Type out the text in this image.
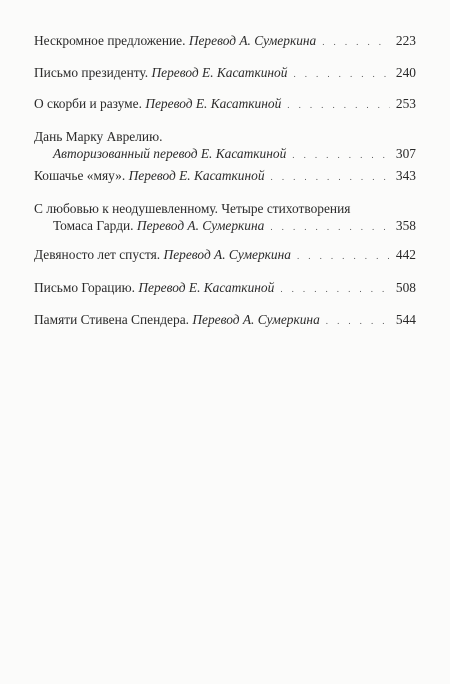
Нескромное предложение. Перевод А. Сумеркина . . .	223
Письмо президенту. Перевод Е. Касаткиной . . .	240
О скорби и разуме. Перевод Е. Касаткиной . . .	253
Дань Марку Аврелию.
Авторизованный перевод Е. Касаткиной . . .	307
Кошачье «мяу». Перевод Е. Касаткиной . . .	343
С любовью к неодушевленному. Четыре стихотворения
Томаса Гарди. Перевод А. Сумеркина . . .	358
Девяносто лет спустя. Перевод А. Сумеркина . . .	442
Письмо Горацию. Перевод Е. Касаткиной . . .	508
Памяти Стивена Спендера. Перевод А. Сумеркина . . .	544
